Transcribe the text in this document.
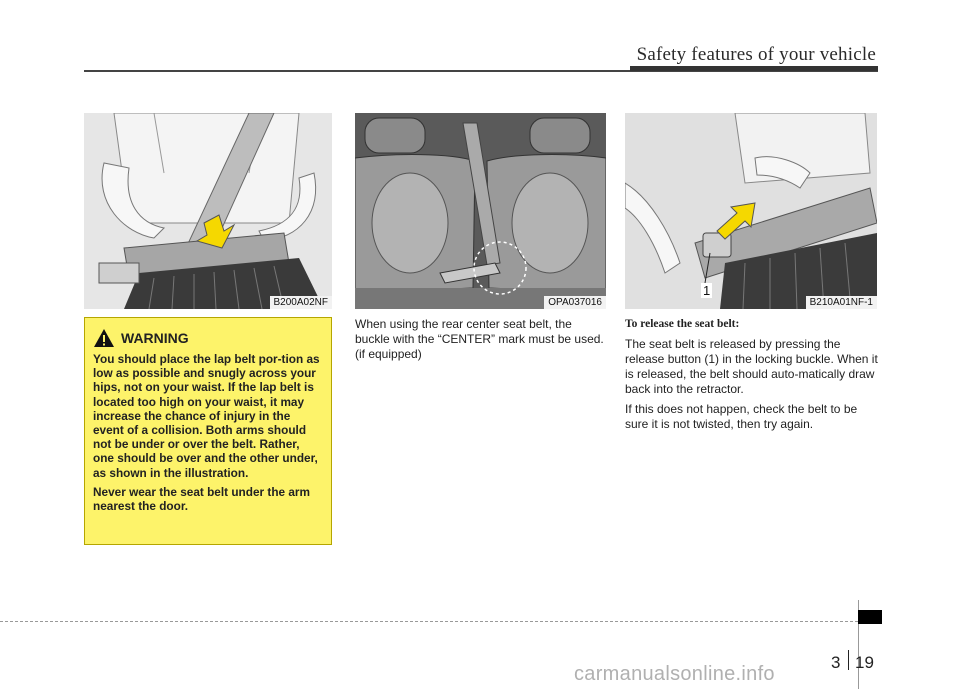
Safety features of your vehicle
B200A02NF	OPA037016
1
B210A01NF-1
WARNING

You should place the lap belt por-tion as low as possible and snugly across your hips, not on your waist. If the lap belt is located too high on your waist, it may increase the chance of injury in the event of a collision. Both arms should not be under or over the belt. Rather, one should be over and the other under, as shown in the illustration.

Never wear the seat belt under the arm nearest the door.

When using the rear center seat belt, the buckle with the “CENTER” mark must be used. (if equipped)

To release the seat belt:

The seat belt is released by pressing the release button (1) in the locking buckle. When it is released, the belt should auto-matically draw back into the retractor.

If this does not happen, check the belt to be sure it is not twisted, then try again.

3 19
carmanualsonline.info
